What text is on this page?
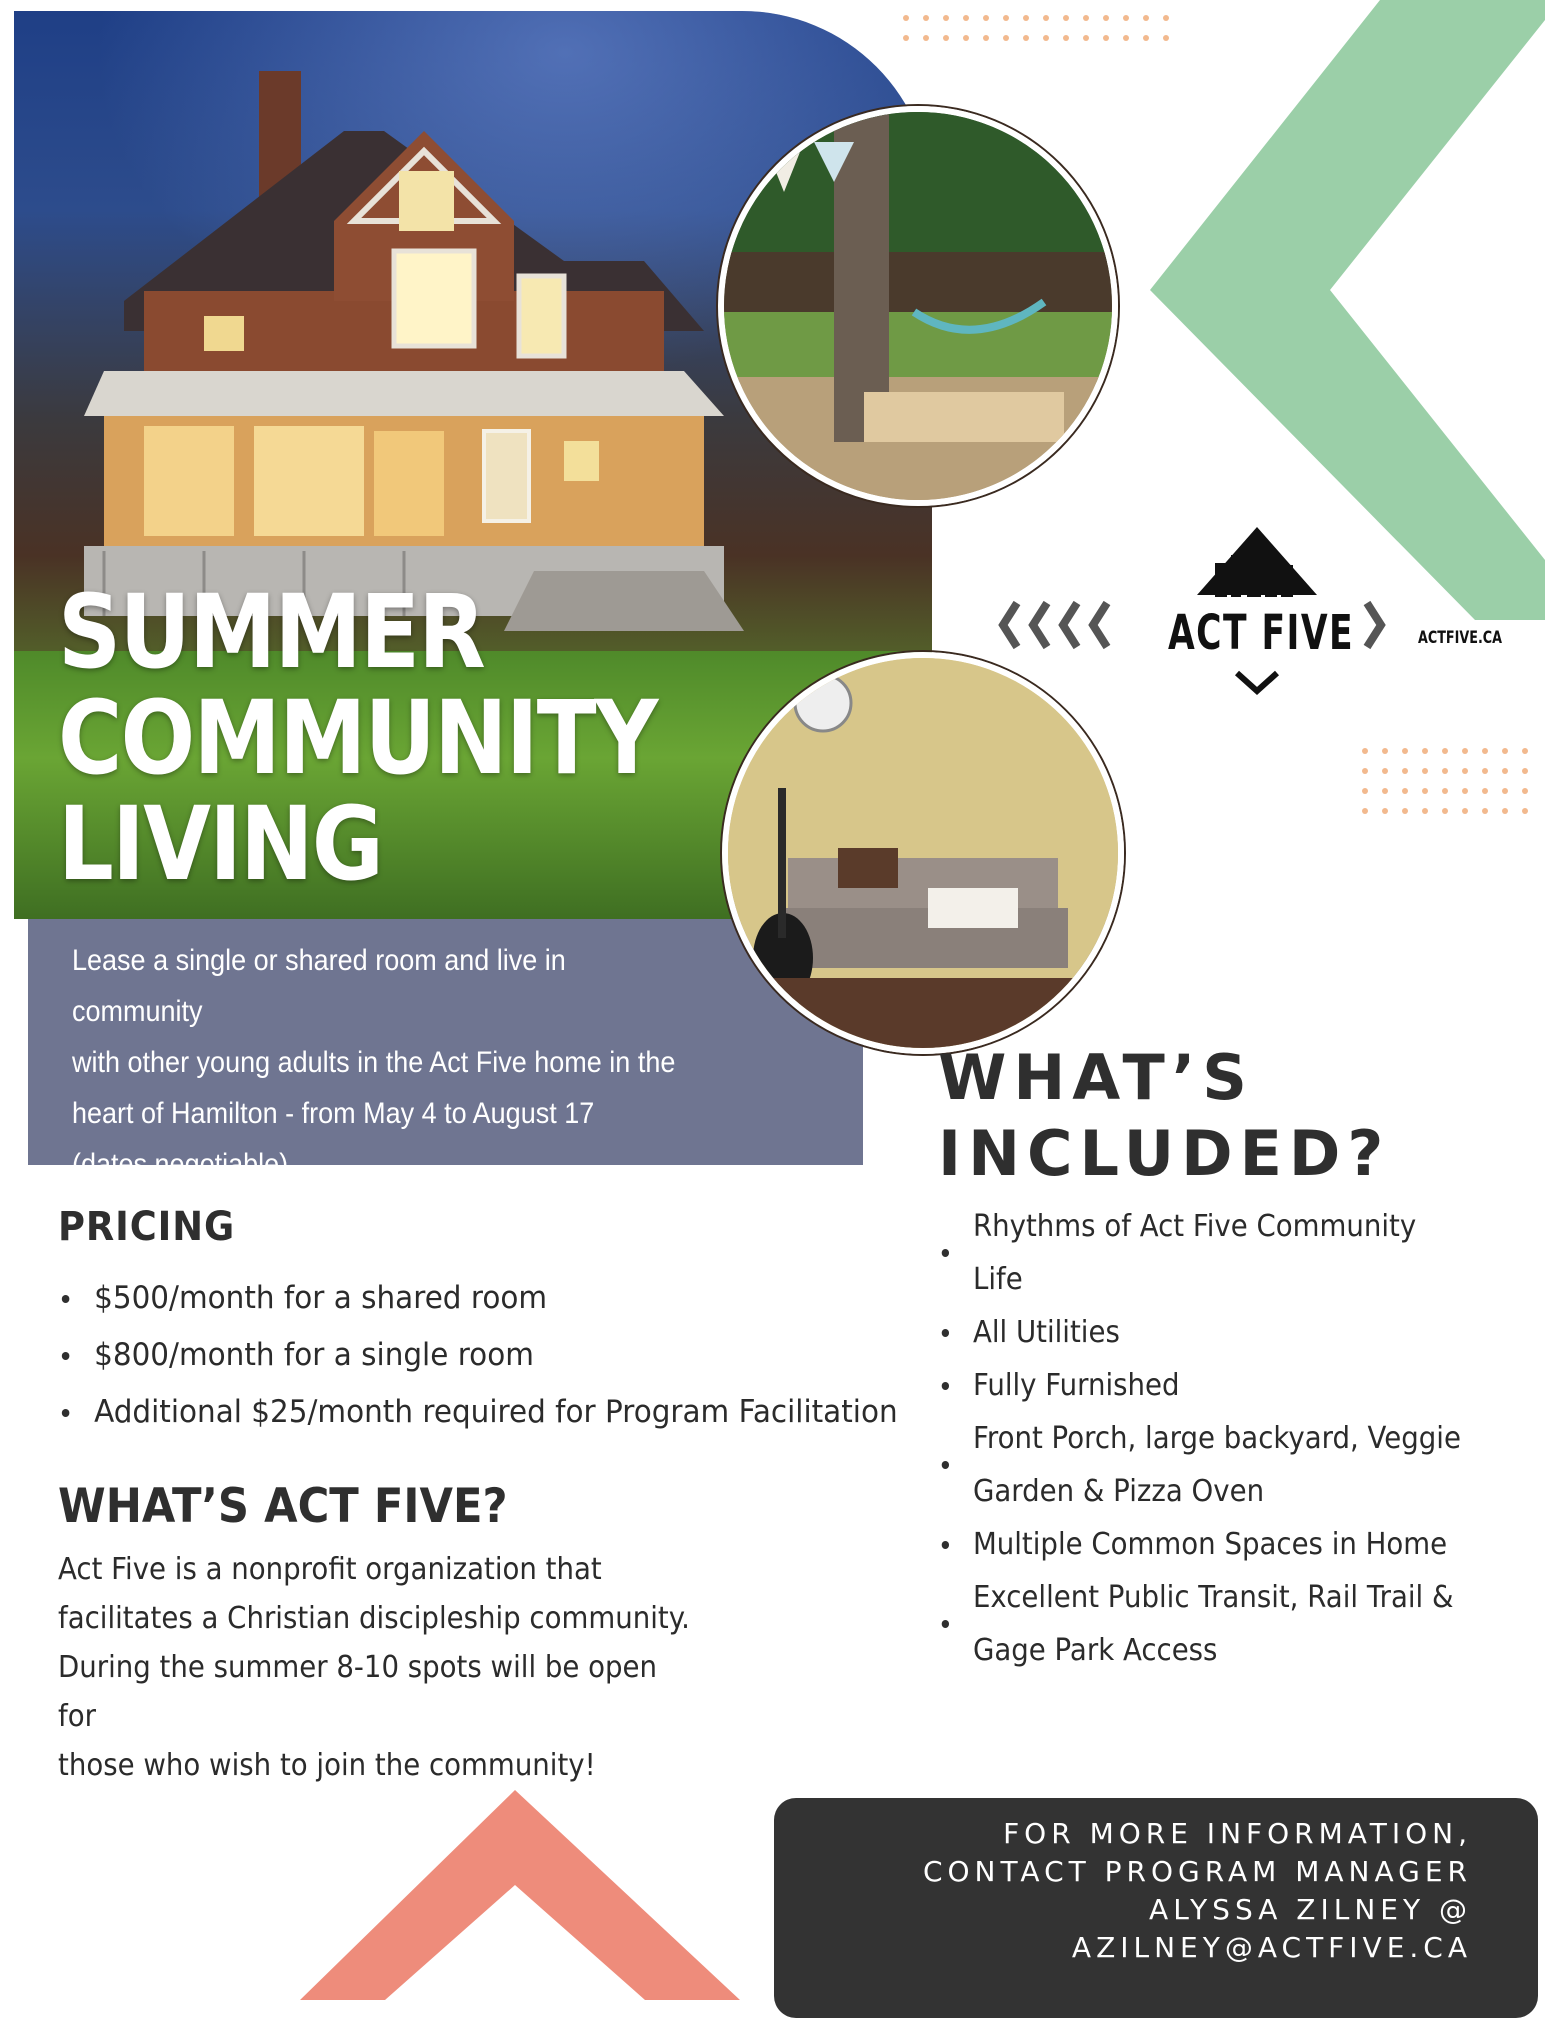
SUMMER
COMMUNITY
LIVING

Lease a single or shared room and live in community
with other young adults in the Act Five home in the
heart of Hamilton - from May 4 to August 17
(dates negotiable)

ACT FIVE	ACTFIVE.CA
PRICING
$500/month for a shared room
$800/month for a single room
Additional $25/month required for Program Facilitation
WHAT’S ACT FIVE?

Act Five is a nonprofit organization that
facilitates a Christian discipleship community.
During the summer 8-10 spots will be open for
those who wish to join the community!

WHAT’S
INCLUDED?
Rhythms of Act Five Community Life
All Utilities
Fully Furnished
Front Porch, large backyard, Veggie Garden & Pizza Oven
Multiple Common Spaces in Home
Excellent Public Transit, Rail Trail & Gage Park Access

FOR MORE INFORMATION,
CONTACT PROGRAM MANAGER
ALYSSA ZILNEY @
AZILNEY@ACTFIVE.CA
